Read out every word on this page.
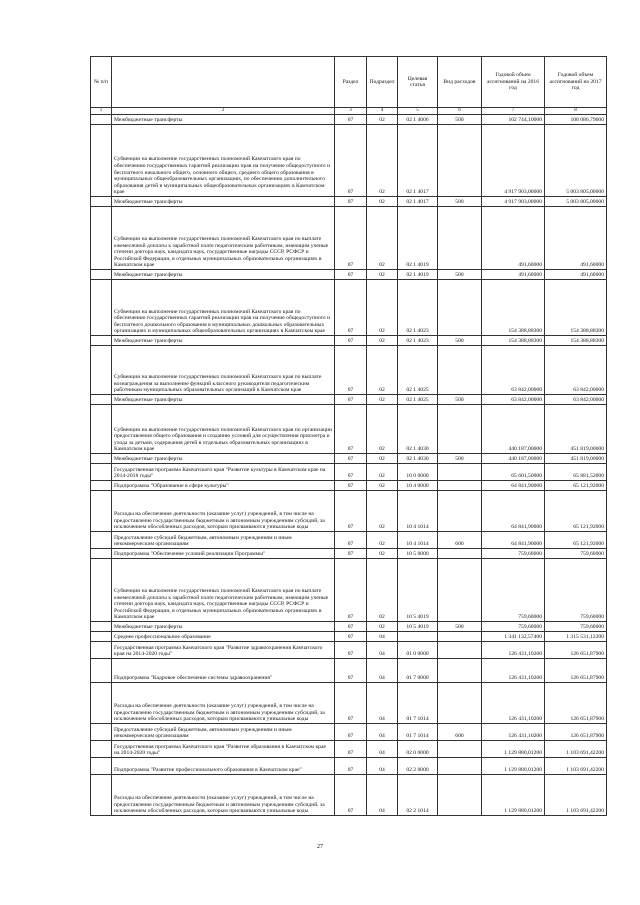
№ п/п		Раздел	Подраздел	Целевая статья	Вид расходов	Годовой объем ассигнований на 2016 год	Годовой объем ассигнований на 2017 год
1	2	3	4	5	6	7	8
	Межбюджетные трансферты	07	02	02 1 4006	500	102 744,10000	108 086,79000
	Субвенции на выполнение государственных полномочий Камчатского края по обеспечению государственных гарантий реализации прав на получение общедоступного и бесплатного начального общего, основного общего, среднего общего образования в муниципальных общеобразовательных организациях, по обеспечению дополнительного образования детей в муниципальных общеобразовательных организациях в Камчатском крае	07	02	02 1 4017		4 917 903,00000	5 003 805,00000
	Межбюджетные трансферты	07	02	02 1 4017	500	4 917 903,00000	5 003 805,00000
	Субвенции на выполнение государственных полномочий Камчатского края по выплате ежемесячной доплаты к заработной плате педагогическим работникам, имеющим ученые степени доктора наук, кандидата наук, государственные награды СССР, РСФСР и Российской Федерации, в отдельных муниципальных образовательных организациях в Камчатском крае	07	02	02 1 4019		491,60000	491,60000
	Межбюджетные трансферты	07	02	02 1 4019	500	491,60000	491,60000
	Субвенции на выполнение государственных полномочий Камчатского края по обеспечению государственных гарантий реализации прав на получение общедоступного и бесплатного дошкольного образования в муниципальных дошкольных образовательных организациях и муниципальных общеобразовательных организациях в Камчатском крае	07	02	02 1 4023		154 388,88300	154 388,88300
	Межбюджетные трансферты	07	02	02 1 4023	500	154 388,88300	154 388,88300
	Субвенции на выполнение государственных полномочий Камчатского края по выплате вознаграждения за выполнение функций классного руководителя педагогическим работникам муниципальных образовательных организаций в Камчатском крае	07	02	02 1 4025		63 842,00000	63 842,00000
	Межбюджетные трансферты	07	02	02 1 4025	500	63 842,00000	63 842,00000
	Субвенции на выполнение государственных полномочий Камчатского края по организации предоставления общего образования и созданию условий для осуществления присмотра и ухода за детьми, содержания детей в отдельных образовательных организациях в Камчатском крае	07	02	02 1 4030		440 187,00000	451 819,00000
	Межбюджетные трансферты	07	02	02 1 4030	500	440 187,00000	451 819,00000
	Государственная программа Камчатского края "Развитие культуры в Камчатском крае на 2014-2018 годы"	07	02	10 0 0000		65 601,50000	65 881,52000
	Подпрограмма "Образование в сфере культуры"	07	02	10 4 0000		64 841,90000	65 121,92000
	Расходы на обеспечение деятельности (оказание услуг) учреждений, в том числе на предоставление государственным бюджетным и автономным учреждениям субсидий, за исключением обособленных расходов, которым присваиваются уникальные коды	07	02	10 4 1014		64 841,90000	65 121,92000
	Предоставление субсидий бюджетным, автономным учреждениям и иным некоммерческим организациям	07	02	10 4 1014	600	64 841,90000	65 121,92000
	Подпрограмма "Обеспечение условий реализации Программы"	07	02	10 5 0000		759,60000	759,60000
	Субвенции на выполнение государственных полномочий Камчатского края по выплате ежемесячной доплаты к заработной плате педагогическим работникам, имеющим ученые степени доктора наук, кандидата наук, государственные награды СССР, РСФСР и Российской Федерации, в отдельных муниципальных образовательных организациях в Камчатском крае	07	02	10 5 4019		759,60000	759,60000
	Межбюджетные трансферты	07	02	10 5 4019	500	759,60000	759,60000
	Среднее профессиональное образование	07	04			1 341 132,57400	1 315 531,12200
	Государственная программа Камчатского края "Развитие здравоохранения Камчатского края на 2014-2020 годы"	07	04	01 0 0000		126 431,10200	126 651,87900
	Подпрограмма "Кадровое обеспечение системы здравоохранения"	07	04	01 7 0000		126 431,10200	126 651,87900
	Расходы на обеспечение деятельности (оказание услуг) учреждений, в том числе на предоставление государственным бюджетным и автономным учреждениям субсидий, за исключением обособленных расходов, которым присваиваются уникальные коды	07	04	01 7 1014		126 431,10200	126 651,87900
	Предоставление субсидий бюджетным, автономным учреждениям и иным некоммерческим организациям	07	04	01 7 1014	600	126 431,10200	126 651,87900
	Государственная программа Камчатского края "Развитие образования в Камчатском крае на 2014-2020 годы"	07	04	02 0 0000		1 129 880,01200	1 103 691,42200
	Подпрограмма "Развитие профессионального образования в Камчатском крае"	07	04	02 2 0000		1 129 880,01200	1 103 691,42200
	Расходы на обеспечение деятельности (оказание услуг) учреждений, в том числе на предоставление государственным бюджетным и автономным учреждениям субсидий, за исключением обособленных расходов, которым присваиваются уникальные коды	07	04	02 2 1014		1 129 880,01200	1 103 691,42200
27
